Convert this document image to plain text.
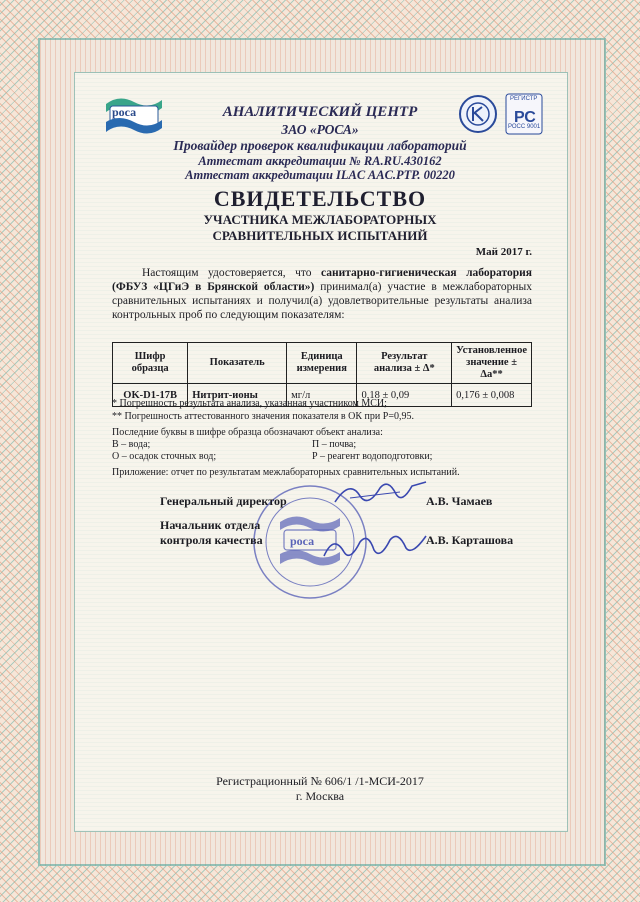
роса	РС
РЕГИСТР
РОСС 9001
АНАЛИТИЧЕСКИЙ ЦЕНТР
ЗАО «РОСА»
Провайдер проверок квалификации лабораторий
Аттестат аккредитации № RA.RU.430162
Аттестат аккредитации ILAC AAC.PTP. 00220
СВИДЕТЕЛЬСТВО
УЧАСТНИКА МЕЖЛАБОРАТОРНЫХ
СРАВНИТЕЛЬНЫХ ИСПЫТАНИЙ
Май 2017 г.
Настоящим удостоверяется, что санитарно-гигиеническая лаборатория (ФБУЗ «ЦГиЭ в Брянской области») принимал(а) участие в межлабораторных сравнительных испытаниях и получил(а) удовлетворительные результаты анализа контрольных проб по следующим показателям:
Шифр образца	Показатель	Единица измерения	Результат анализа ± Δ*	Установленное значение ± Δа**
OK-D1-17B	Нитрит-ионы	мг/л	0,18 ± 0,09	0,176 ± 0,008
* Погрешность результата анализа, указанная участником МСИ;
** Погрешность аттестованного значения показателя в ОК при P=0,95.
Последние буквы в шифре образца обозначают объект анализа:
В – вода;	П – почва;
О – осадок сточных вод;	Р – реагент водоподготовки;
Приложение: отчет по результатам межлабораторных сравнительных испытаний.
роса
Генеральный директор	А.В. Чамаев
Начальник отдела
контроля качества	А.В. Карташова
Регистрационный № 606/1 /1-МСИ-2017
г. Москва
